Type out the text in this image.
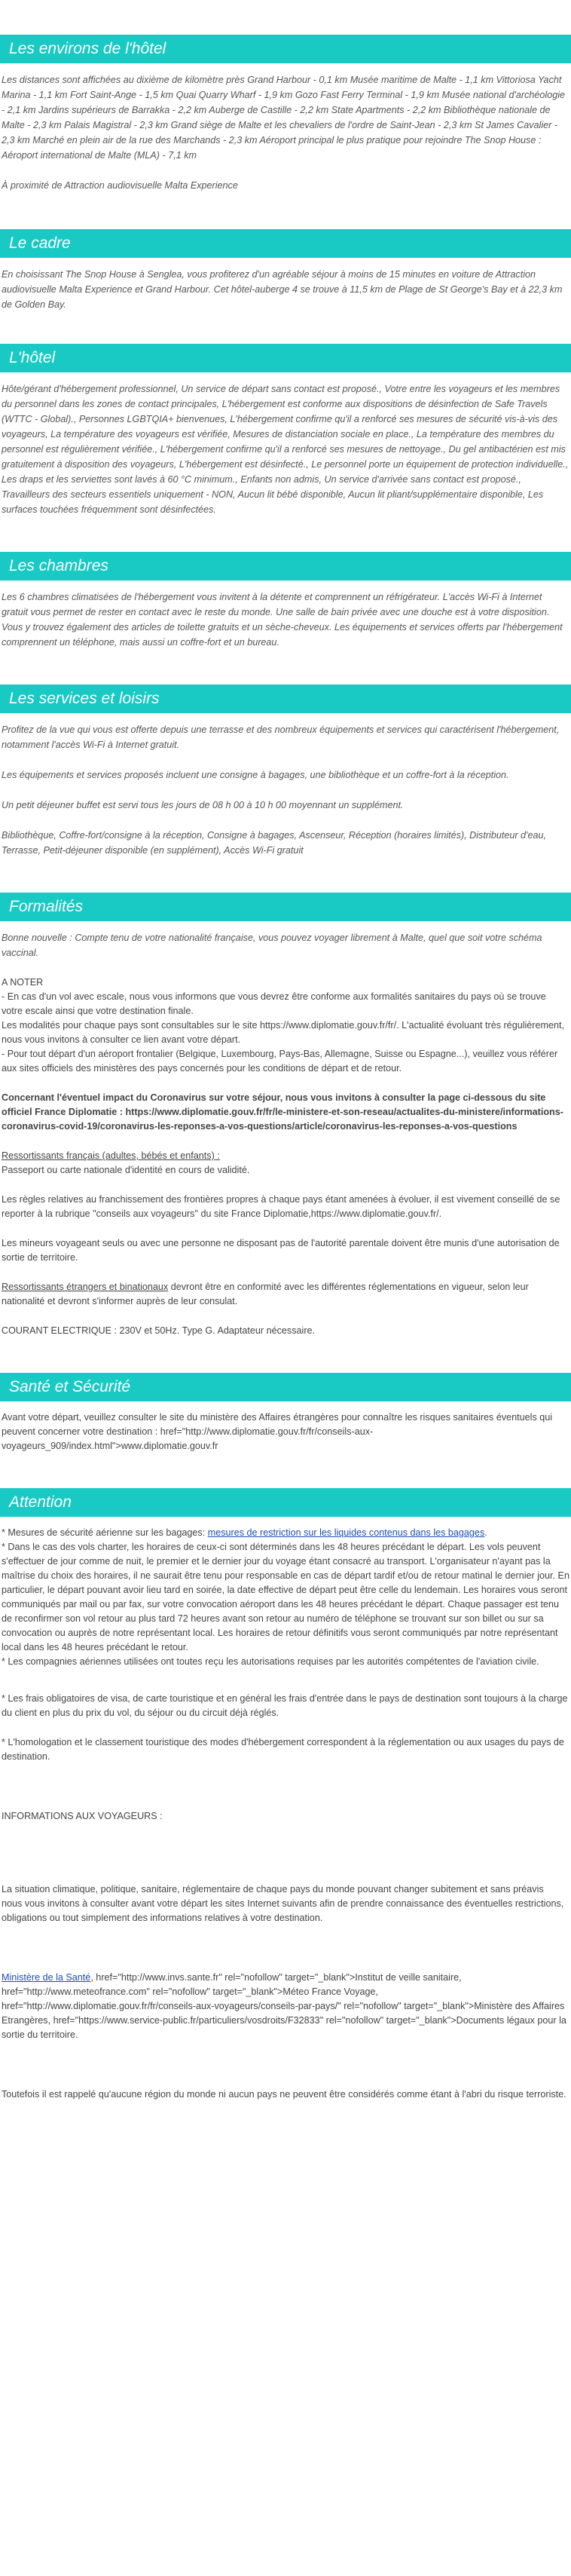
Les environs de l'hôtel
Les distances sont affichées au dixième de kilomètre près Grand Harbour - 0,1 km Musée maritime de Malte - 1,1 km Vittoriosa Yacht Marina - 1,1 km Fort Saint-Ange - 1,5 km Quai Quarry Wharf - 1,9 km Gozo Fast Ferry Terminal - 1,9 km Musée national d'archéologie - 2,1 km Jardins supérieurs de Barrakka - 2,2 km Auberge de Castille - 2,2 km State Apartments - 2,2 km Bibliothèque nationale de Malte - 2,3 km Palais Magistral - 2,3 km Grand siège de Malte et les chevaliers de l'ordre de Saint-Jean - 2,3 km St James Cavalier - 2,3 km Marché en plein air de la rue des Marchands - 2,3 km Aéroport principal le plus pratique pour rejoindre The Snop House : Aéroport international de Malte (MLA) - 7,1 km
À proximité de Attraction audiovisuelle Malta Experience
Le cadre
En choisissant The Snop House à Senglea, vous profiterez d'un agréable séjour à moins de 15 minutes en voiture de Attraction audiovisuelle Malta Experience et Grand Harbour. Cet hôtel-auberge 4 se trouve à 11,5 km de Plage de St George's Bay et à 22,3 km de Golden Bay.
L'hôtel
Hôte/gérant d'hébergement professionnel, Un service de départ sans contact est proposé., Votre entre les voyageurs et les membres du personnel dans les zones de contact principales, L'hébergement est conforme aux dispositions de désinfection de Safe Travels (WTTC - Global)., Personnes LGBTQIA+ bienvenues, L'hébergement confirme qu'il a renforcé ses mesures de sécurité vis-à-vis des voyageurs, La température des voyageurs est vérifiée, Mesures de distanciation sociale en place., La température des membres du personnel est régulièrement vérifiée., L'hébergement confirme qu'il a renforcé ses mesures de nettoyage., Du gel antibactérien est mis gratuitement à disposition des voyageurs, L'hébergement est désinfecté., Le personnel porte un équipement de protection individuelle., Les draps et les serviettes sont lavés à 60 °C minimum., Enfants non admis, Un service d'arrivée sans contact est proposé., Travailleurs des secteurs essentiels uniquement - NON, Aucun lit bébé disponible, Aucun lit pliant/supplémentaire disponible, Les surfaces touchées fréquemment sont désinfectées.
Les chambres
Les 6 chambres climatisées de l'hébergement vous invitent à la détente et comprennent un réfrigérateur. L'accès Wi-Fi à Internet gratuit vous permet de rester en contact avec le reste du monde. Une salle de bain privée avec une douche est à votre disposition. Vous y trouvez également des articles de toilette gratuits et un sèche-cheveux. Les équipements et services offerts par l'hébergement comprennent un téléphone, mais aussi un coffre-fort et un bureau.
Les services et loisirs
Profitez de la vue qui vous est offerte depuis une terrasse et des nombreux équipements et services qui caractérisent l'hébergement, notamment l'accès Wi-Fi à Internet gratuit.
Les équipements et services proposés incluent une consigne à bagages, une bibliothèque et un coffre-fort à la réception.
Un petit déjeuner buffet est servi tous les jours de 08 h 00 à 10 h 00 moyennant un supplément.
Bibliothèque, Coffre-fort/consigne à la réception, Consigne à bagages, Ascenseur, Réception (horaires limités), Distributeur d'eau, Terrasse, Petit-déjeuner disponible (en supplément), Accès Wi-Fi gratuit
Formalités
Bonne nouvelle : Compte tenu de votre nationalité française, vous pouvez voyager librement à Malte, quel que soit votre schéma vaccinal.
A NOTER
- En cas d'un vol avec escale, nous vous informons que vous devrez être conforme aux formalités sanitaires du pays où se trouve votre escale ainsi que votre destination finale.
Les modalités pour chaque pays sont consultables sur le site https://www.diplomatie.gouv.fr/fr/. L'actualité évoluant très régulièrement, nous vous invitons à consulter ce lien avant votre départ.
- Pour tout départ d'un aéroport frontalier (Belgique, Luxembourg, Pays-Bas, Allemagne, Suisse ou Espagne...), veuillez vous référer aux sites officiels des ministères des pays concernés pour les conditions de départ et de retour.
Concernant l'éventuel impact du Coronavirus sur votre séjour, nous vous invitons à consulter la page ci-dessous du site officiel France Diplomatie : https://www.diplomatie.gouv.fr/fr/le-ministere-et-son-reseau/actualites-du-ministere/informations-coronavirus-covid-19/coronavirus-les-reponses-a-vos-questions/article/coronavirus-les-reponses-a-vos-questions
Ressortissants français (adultes, bébés et enfants) :
Passeport ou carte nationale d'identité en cours de validité.
Les règles relatives au franchissement des frontières propres à chaque pays étant amenées à évoluer, il est vivement conseillé de se reporter à la rubrique "conseils aux voyageurs" du site France Diplomatie,https://www.diplomatie.gouv.fr/.
Les mineurs voyageant seuls ou avec une personne ne disposant pas de l'autorité parentale doivent être munis d'une autorisation de sortie de territoire.
Ressortissants étrangers et binationaux devront être en conformité avec les différentes réglementations en vigueur, selon leur nationalité et devront s'informer auprès de leur consulat.
COURANT ELECTRIQUE : 230V et 50Hz. Type G. Adaptateur nécessaire.
Santé et Sécurité
Avant votre départ, veuillez consulter le site du ministère des Affaires étrangères pour connaître les risques sanitaires éventuels qui peuvent concerner votre destination : href="http://www.diplomatie.gouv.fr/fr/conseils-aux-voyageurs_909/index.html">www.diplomatie.gouv.fr
Attention
* Mesures de sécurité aérienne sur les bagages: mesures de restriction sur les liquides contenus dans les bagages.
* Dans le cas des vols charter, les horaires de ceux-ci sont déterminés dans les 48 heures précédant le départ. Les vols peuvent s'effectuer de jour comme de nuit, le premier et le dernier jour du voyage étant consacré au transport. L'organisateur n'ayant pas la maîtrise du choix des horaires, il ne saurait être tenu pour responsable en cas de départ tardif et/ou de retour matinal le dernier jour. En particulier, le départ pouvant avoir lieu tard en soirée, la date effective de départ peut être celle du lendemain. Les horaires vous seront communiqués par mail ou par fax, sur votre convocation aéroport dans les 48 heures précédant le départ. Chaque passager est tenu de reconfirmer son vol retour au plus tard 72 heures avant son retour au numéro de téléphone se trouvant sur son billet ou sur sa convocation ou auprès de notre représentant local. Les horaires de retour définitifs vous seront communiqués par notre représentant local dans les 48 heures précédant le retour.
* Les compagnies aériennes utilisées ont toutes reçu les autorisations requises par les autorités compétentes de l'aviation civile.
* Les frais obligatoires de visa, de carte touristique et en général les frais d'entrée dans le pays de destination sont toujours à la charge du client en plus du prix du vol, du séjour ou du circuit déjà réglés.
* L'homologation et le classement touristique des modes d'hébergement correspondent à la réglementation ou aux usages du pays de destination.
INFORMATIONS AUX VOYAGEURS :
La situation climatique, politique, sanitaire, réglementaire de chaque pays du monde pouvant changer subitement et sans préavis
nous vous invitons à consulter avant votre départ les sites Internet suivants afin de prendre connaissance des éventuelles restrictions, obligations ou tout simplement des informations relatives à votre destination.
Ministère de la Santé, href="http://www.invs.sante.fr" rel="nofollow" target="_blank">Institut de veille sanitaire, href="http://www.meteofrance.com" rel="nofollow" target="_blank">Méteo France Voyage, href="http://www.diplomatie.gouv.fr/fr/conseils-aux-voyageurs/conseils-par-pays/" rel="nofollow" target="_blank">Ministère des Affaires Etrangères, href="https://www.service-public.fr/particuliers/vosdroits/F32833" rel="nofollow" target="_blank">Documents légaux pour la sortie du territoire.
Toutefois il est rappelé qu'aucune région du monde ni aucun pays ne peuvent être considérés comme étant à l'abri du risque terroriste.
